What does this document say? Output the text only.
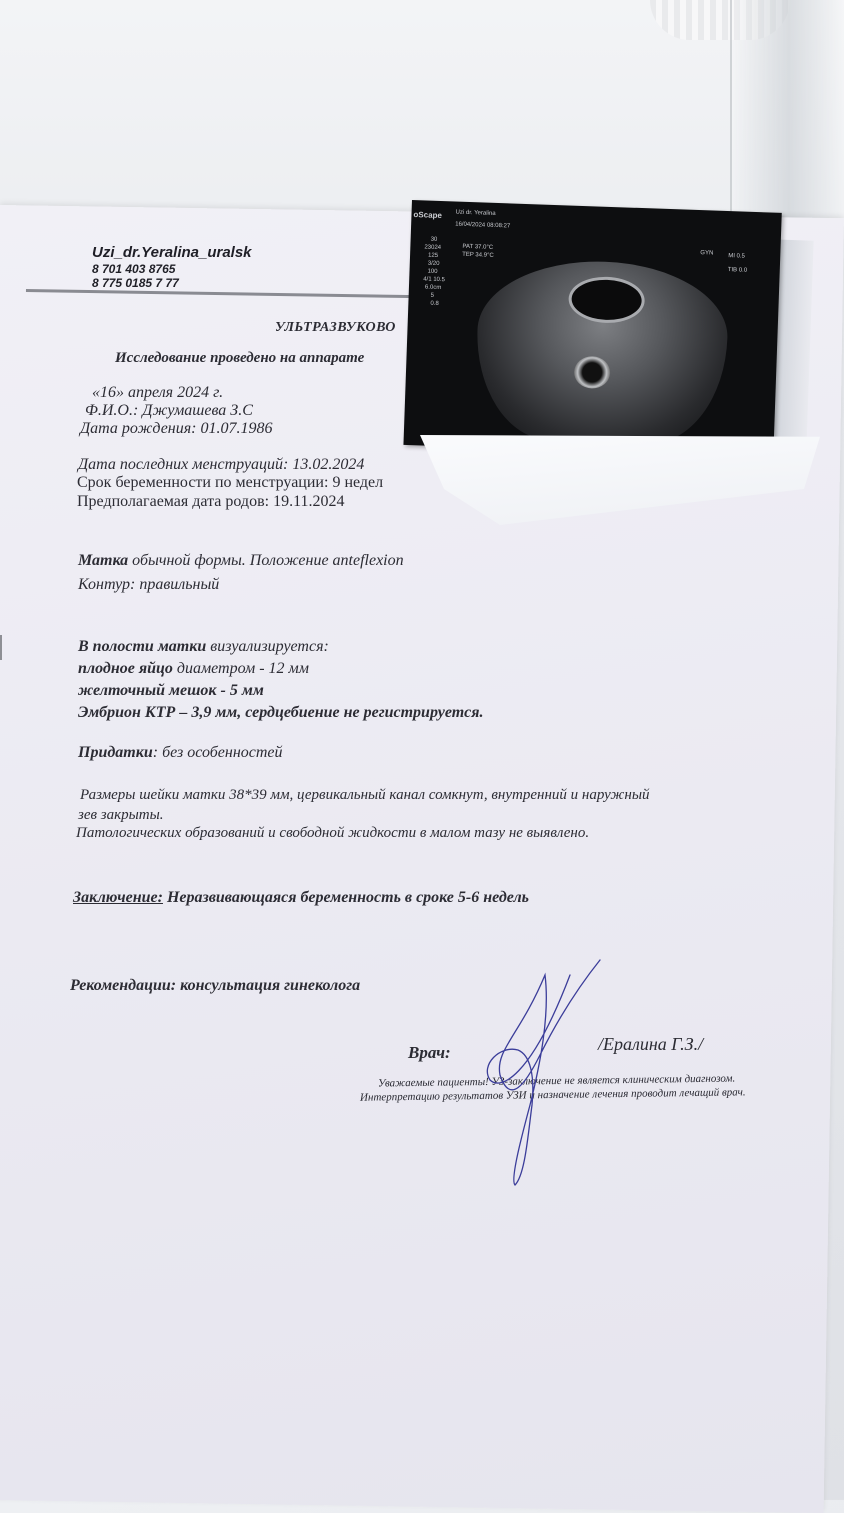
Uzi_dr.Yeralina_uralsk
8 701 403 8765
8 775 0185 7 77
УЛЬТРАЗВУКОВО
Исследование проведено на аппарате
«16» апреля 2024 г.
Ф.И.О.: Джумашева З.С
Дата рождения: 01.07.1986
Дата последних менструаций: 13.02.2024
Срок беременности по менструации: 9 недел
Предполагаемая дата родов: 19.11.2024
Матка обычной формы. Положение anteflexion
Контур: правильный
В полости матки визуализируется:
плодное яйцо диаметром - 12 мм
желточный мешок - 5 мм
Эмбрион КТР – 3,9 мм, сердцебиение не регистрируется.
Придатки: без особенностей
Размеры шейки матки 38*39 мм, цервикальный канал сомкнут, внутренний и наружный
зев закрыты.
Патологических образований и свободной жидкости в малом тазу не выявлено.
Заключение: Неразвивающаяся беременность в сроке 5-6 недель
Рекомендации: консультация гинеколога
Врач:	/Ералина Г.З./
Уважаемые пациенты! УЗ-заключение не является клиническим диагнозом.
Интерпретацию результатов УЗИ и назначение лечения проводит лечащий врач.
oScape Uzi dr. Yeralina
16/04/2024 08:08:27
PAT 37.0°C
TEP 34.9°C	GYN MI 0.5
TIB 0.0
30
23024
125
3/20
100
4/1 10.5
6.0cm
5
0.8
